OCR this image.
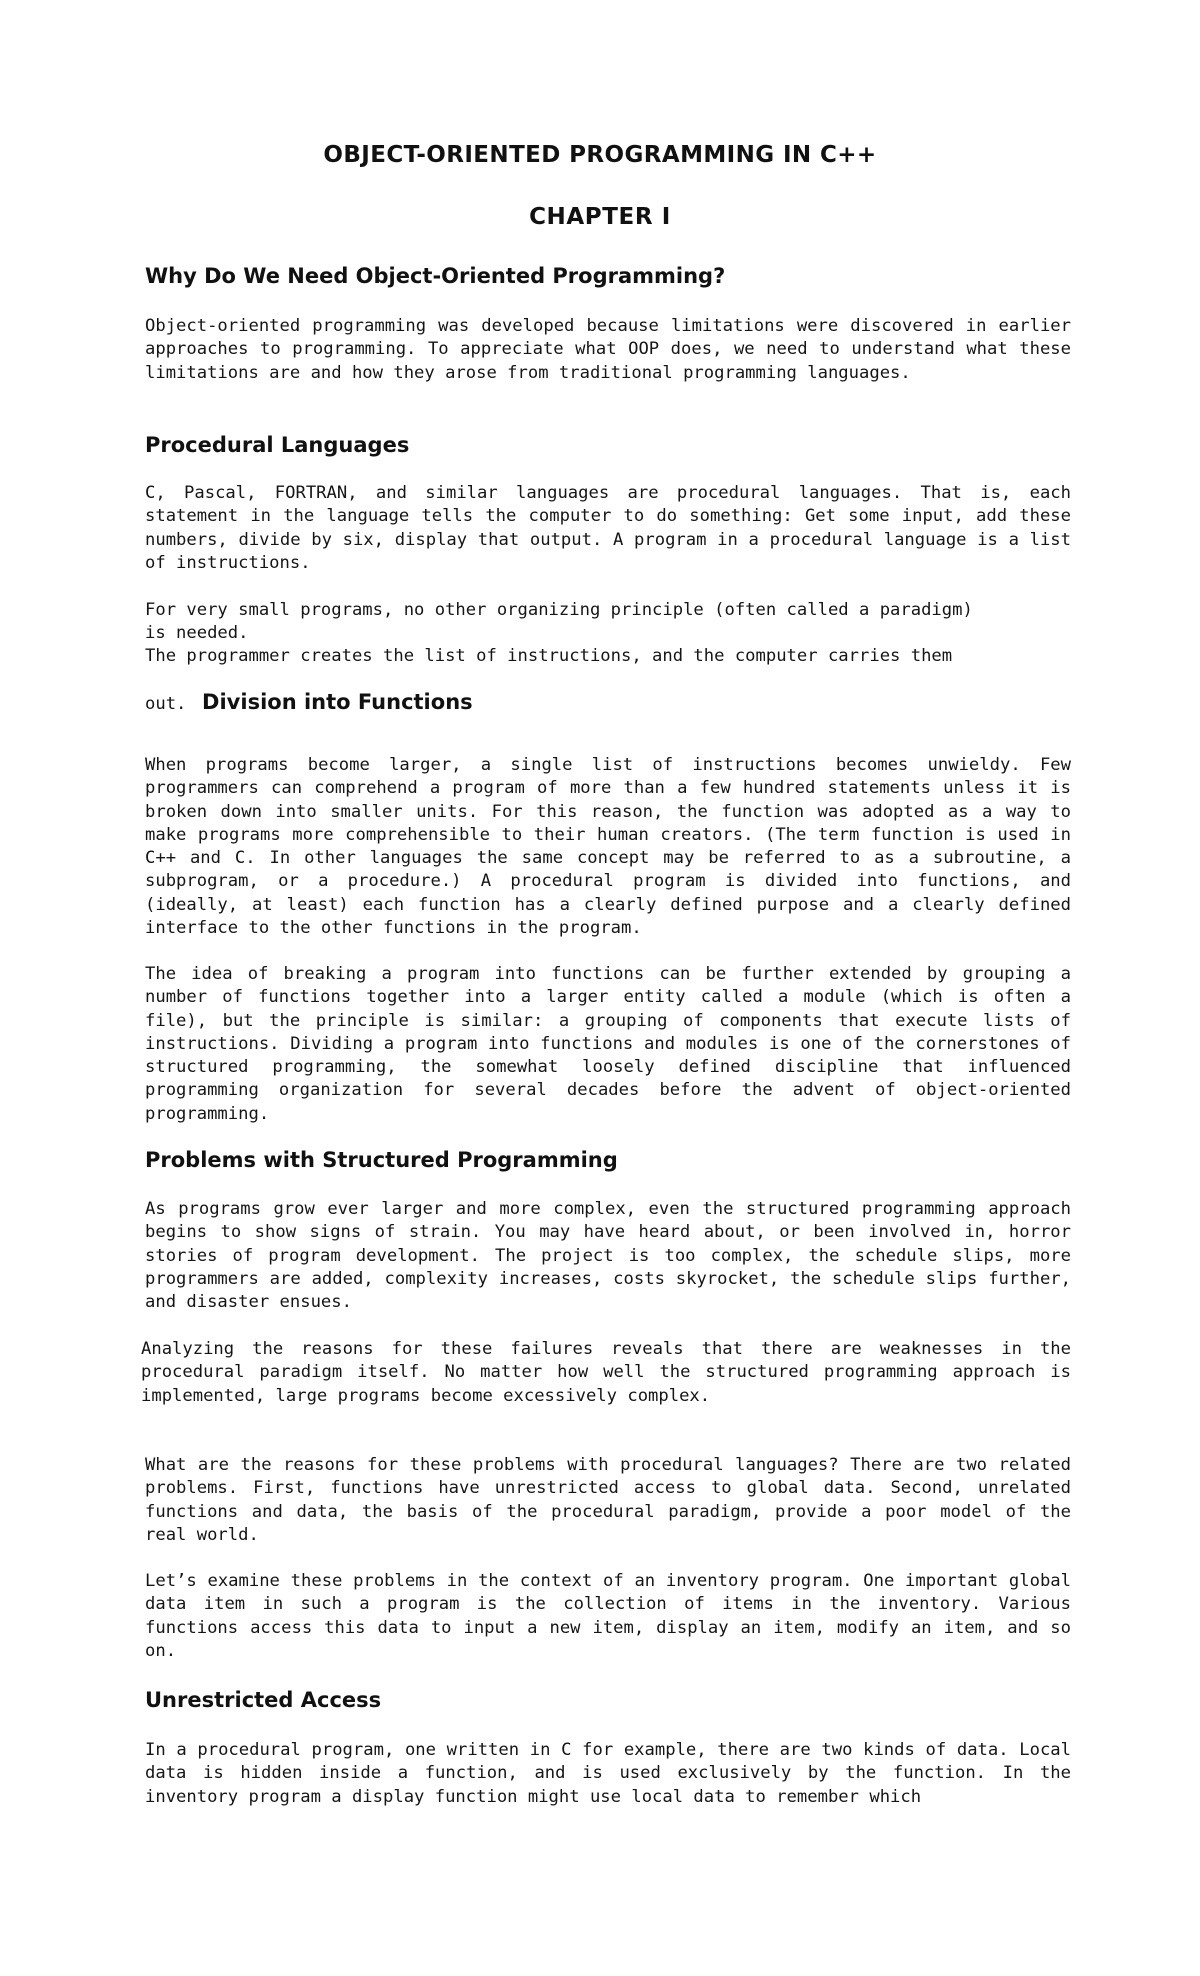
OBJECT-ORIENTED PROGRAMMING IN C++
CHAPTER I
Why Do We Need Object-Oriented Programming?
Object-oriented programming was developed because limitations were discovered in earlier approaches to programming. To appreciate what OOP does, we need to understand what these limitations are and how they arose from traditional programming languages.
Procedural Languages
C, Pascal, FORTRAN, and similar languages are procedural languages. That is, each statement in the language tells the computer to do something: Get some input, add these numbers, divide by six, display that output. A program in a procedural language is a list of instructions.
For very small programs, no other organizing principle (often called a paradigm)
is needed.
The programmer creates the list of instructions, and the computer carries them
out. Division into Functions
When programs become larger, a single list of instructions becomes unwieldy. Few programmers can comprehend a program of more than a few hundred statements unless it is broken down into smaller units. For this reason, the function was adopted as a way to make programs more comprehensible to their human creators. (The term function is used in C++ and C. In other languages the same concept may be referred to as a subroutine, a subprogram, or a procedure.) A procedural program is divided into functions, and (ideally, at least) each function has a clearly defined purpose and a clearly defined interface to the other functions in the program.
The idea of breaking a program into functions can be further extended by grouping a number of functions together into a larger entity called a module (which is often a file), but the principle is similar: a grouping of components that execute lists of instructions. Dividing a program into functions and modules is one of the cornerstones of structured programming, the somewhat loosely defined discipline that influenced programming organization for several decades before the advent of object-oriented programming.
Problems with Structured Programming
As programs grow ever larger and more complex, even the structured programming approach begins to show signs of strain. You may have heard about, or been involved in, horror stories of program development. The project is too complex, the schedule slips, more programmers are added, complexity increases, costs skyrocket, the schedule slips further, and disaster ensues.
Analyzing the reasons for these failures reveals that there are weaknesses in the procedural paradigm itself. No matter how well the structured programming approach is implemented, large programs become excessively complex.
What are the reasons for these problems with procedural languages? There are two related problems. First, functions have unrestricted access to global data. Second, unrelated functions and data, the basis of the procedural paradigm, provide a poor model of the real world.
Let’s examine these problems in the context of an inventory program. One important global data item in such a program is the collection of items in the inventory. Various functions access this data to input a new item, display an item, modify an item, and so on.
Unrestricted Access
In a procedural program, one written in C for example, there are two kinds of data. Local data is hidden inside a function, and is used exclusively by the function. In the inventory program a display function might use local data to remember which
